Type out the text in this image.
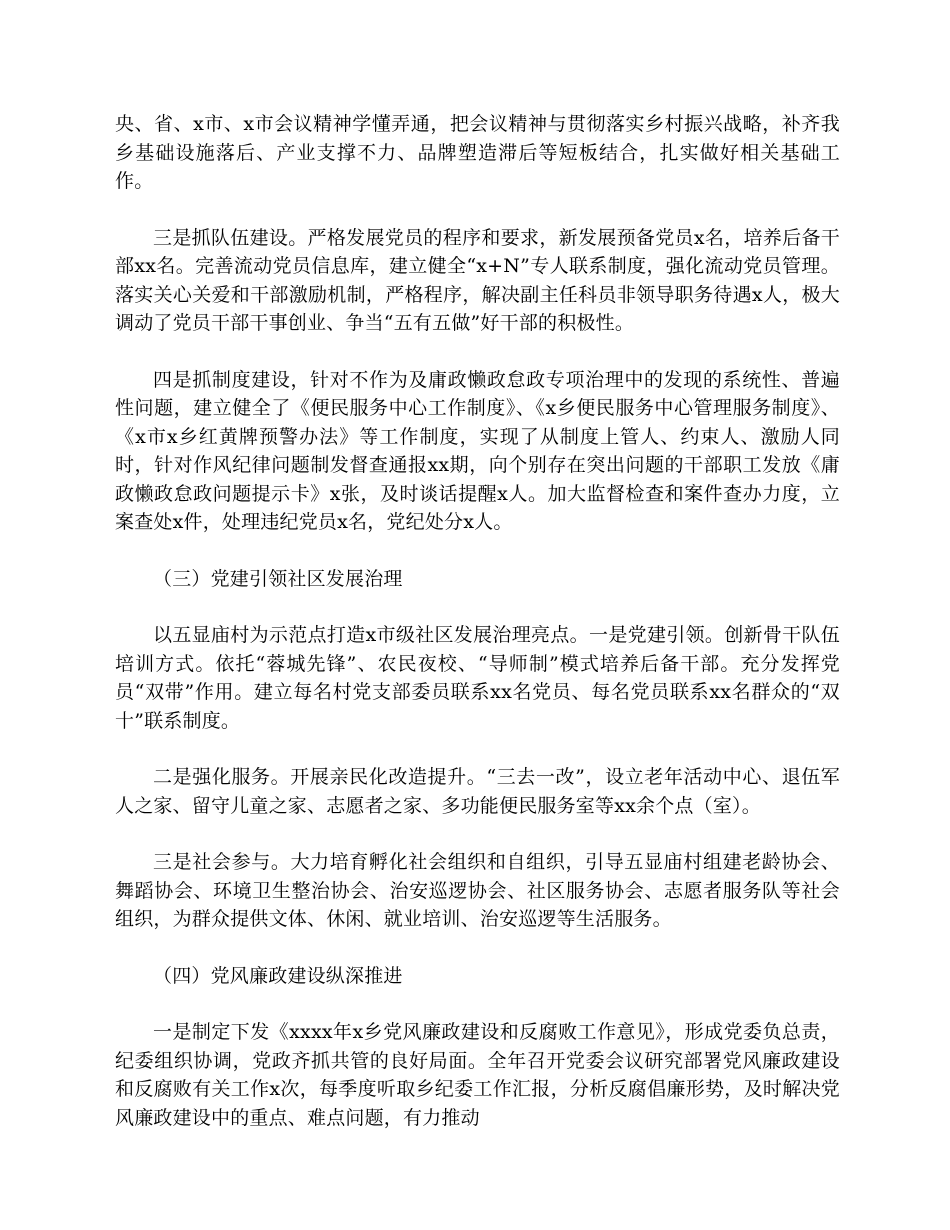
央、省、x市、x市会议精神学懂弄通，把会议精神与贯彻落实乡村振兴战略，补齐我乡基础设施落后、产业支撑不力、品牌塑造滞后等短板结合，扎实做好相关基础工作。

三是抓队伍建设。严格发展党员的程序和要求，新发展预备党员x名，培养后备干部xx名。完善流动党员信息库，建立健全“x+N”专人联系制度，强化流动党员管理。落实关心关爱和干部激励机制，严格程序，解决副主任科员非领导职务待遇x人，极大调动了党员干部干事创业、争当“五有五做”好干部的积极性。

四是抓制度建设，针对不作为及庸政懒政怠政专项治理中的发现的系统性、普遍性问题，建立健全了《便民服务中心工作制度》、《x乡便民服务中心管理服务制度》、《x市x乡红黄牌预警办法》等工作制度，实现了从制度上管人、约束人、激励人同时，针对作风纪律问题制发督查通报xx期，向个别存在突出问题的干部职工发放《庸政懒政怠政问题提示卡》x张，及时谈话提醒x人。加大监督检查和案件查办力度，立案查处x件，处理违纪党员x名，党纪处分x人。

（三）党建引领社区发展治理

以五显庙村为示范点打造x市级社区发展治理亮点。一是党建引领。创新骨干队伍培训方式。依托“蓉城先锋”、农民夜校、“导师制”模式培养后备干部。充分发挥党员“双带”作用。建立每名村党支部委员联系xx名党员、每名党员联系xx名群众的“双十”联系制度。

二是强化服务。开展亲民化改造提升。“三去一改”，设立老年活动中心、退伍军人之家、留守儿童之家、志愿者之家、多功能便民服务室等xx余个点（室）。

三是社会参与。大力培育孵化社会组织和自组织，引导五显庙村组建老龄协会、舞蹈协会、环境卫生整治协会、治安巡逻协会、社区服务协会、志愿者服务队等社会组织，为群众提供文体、休闲、就业培训、治安巡逻等生活服务。

（四）党风廉政建设纵深推进

一是制定下发《xxxx年x乡党风廉政建设和反腐败工作意见》，形成党委负总责，纪委组织协调，党政齐抓共管的良好局面。全年召开党委会议研究部署党风廉政建设和反腐败有关工作x次，每季度听取乡纪委工作汇报，分析反腐倡廉形势，及时解决党风廉政建设中的重点、难点问题，有力推动
